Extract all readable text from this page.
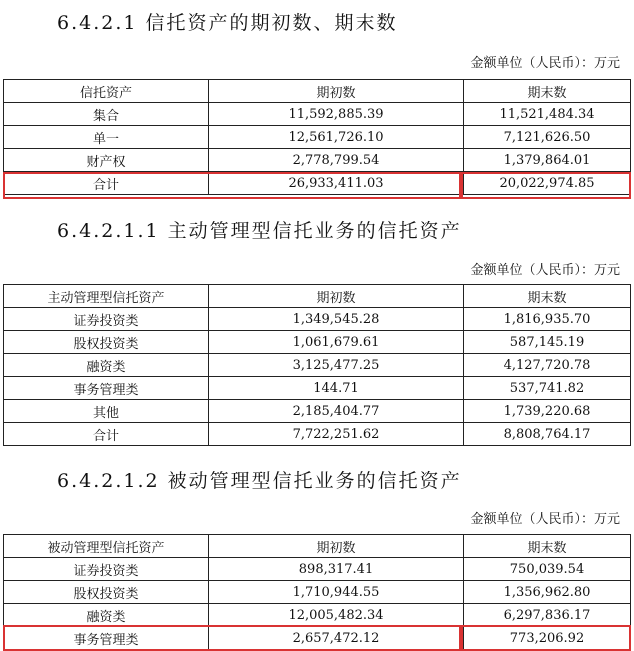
6.4.2.1 信托资产的期初数、期末数
金额单位（人民币）：万元
信托资产	期初数	期末数
集合	11,592,885.39	11,521,484.34
单一	12,561,726.10	7,121,626.50
财产权	2,778,799.54	1,379,864.01
合计	26,933,411.03	20,022,974.85
6.4.2.1.1 主动管理型信托业务的信托资产
金额单位（人民币）：万元
主动管理型信托资产	期初数	期末数
证券投资类	1,349,545.28	1,816,935.70
股权投资类	1,061,679.61	587,145.19
融资类	3,125,477.25	4,127,720.78
事务管理类	144.71	537,741.82
其他	2,185,404.77	1,739,220.68
合计	7,722,251.62	8,808,764.17
6.4.2.1.2 被动管理型信托业务的信托资产
金额单位（人民币）：万元
被动管理型信托资产	期初数	期末数
证券投资类	898,317.41	750,039.54
股权投资类	1,710,944.55	1,356,962.80
融资类	12,005,482.34	6,297,836.17
事务管理类	2,657,472.12	773,206.92
